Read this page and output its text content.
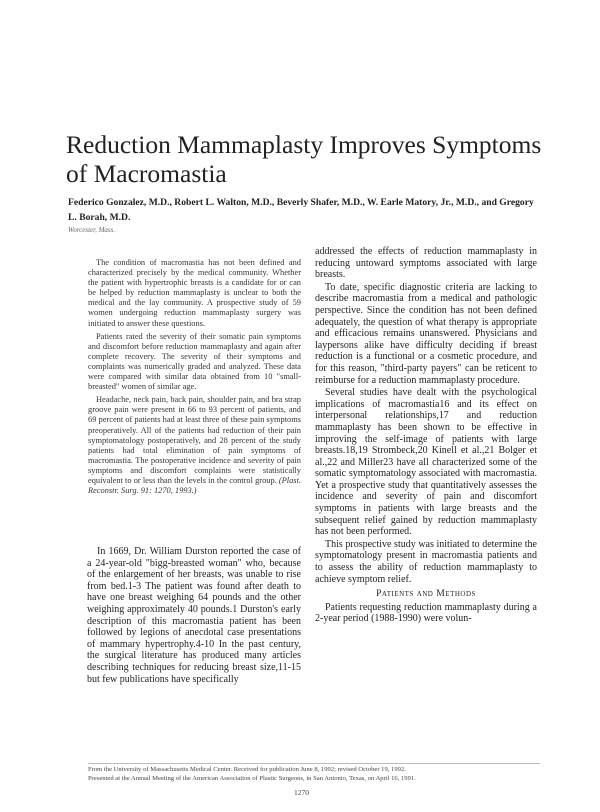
Reduction Mammaplasty Improves Symptoms of Macromastia
Federico Gonzalez, M.D., Robert L. Walton, M.D., Beverly Shafer, M.D., W. Earle Matory, Jr., M.D., and Gregory L. Borah, M.D.
Worcester, Mass.

The condition of macromastia has not been defined and characterized precisely by the medical community. Whether the patient with hypertrophic breasts is a candidate for or can be helped by reduction mammaplasty is unclear to both the medical and the lay community. A prospective study of 59 women undergoing reduction mammaplasty surgery was initiated to answer these questions.

Patients rated the severity of their somatic pain symptoms and discomfort before reduction mammaplasty and again after complete recovery. The severity of their symptoms and complaints was numerically graded and analyzed. These data were compared with similar data obtained from 10 "small-breasted" women of similar age.

Headache, neck pain, back pain, shoulder pain, and bra strap groove pain were present in 66 to 93 percent of patients, and 69 percent of patients had at least three of these pain symptoms preoperatively. All of the patients had reduction of their pain symptomatology postoperatively, and 28 percent of the study patients had total elimination of pain symptoms of macromastia. The postoperative incidence and severity of pain symptoms and discomfort complaints were statistically equivalent to or less than the levels in the control group. (Plast. Reconstr. Surg. 91: 1270, 1993.)

In 1669, Dr. William Durston reported the case of a 24-year-old "bigg-breasted woman" who, because of the enlargement of her breasts, was unable to rise from bed.1-3 The patient was found after death to have one breast weighing 64 pounds and the other weighing approximately 40 pounds.1 Durston's early description of this macromastia patient has been followed by legions of anecdotal case presentations of mammary hypertrophy.4-10 In the past century, the surgical literature has produced many articles describing techniques for reducing breast size,11-15 but few publications have specifically

addressed the effects of reduction mammaplasty in reducing untoward symptoms associated with large breasts.

To date, specific diagnostic criteria are lacking to describe macromastia from a medical and pathologic perspective. Since the condition has not been defined adequately, the question of what therapy is appropriate and efficacious remains unanswered. Physicians and laypersons alike have difficulty deciding if breast reduction is a functional or a cosmetic procedure, and for this reason, "third-party payers" can be reticent to reimburse for a reduction mammaplasty procedure.

Several studies have dealt with the psychological implications of macromastia16 and its effect on interpersonal relationships,17 and reduction mammaplasty has been shown to be effective in improving the self-image of patients with large breasts.18,19 Strombeck,20 Kinell et al.,21 Bolger et al.,22 and Miller23 have all characterized some of the somatic symptomatology associated with macromastia. Yet a prospective study that quantitatively assesses the incidence and severity of pain and discomfort symptoms in patients with large breasts and the subsequent relief gained by reduction mammaplasty has not been performed.

This prospective study was initiated to determine the symptomatology present in macromastia patients and to assess the ability of reduction mammaplasty to achieve symptom relief.

Patients and Methods

Patients requesting reduction mammaplasty during a 2-year period (1988-1990) were volun-

From the University of Massachusetts Medical Center. Received for publication June 8, 1992; revised October 19, 1992.
Presented at the Annual Meeting of the American Association of Plastic Surgeons, in San Antonio, Texas, on April 16, 1991.
1270
